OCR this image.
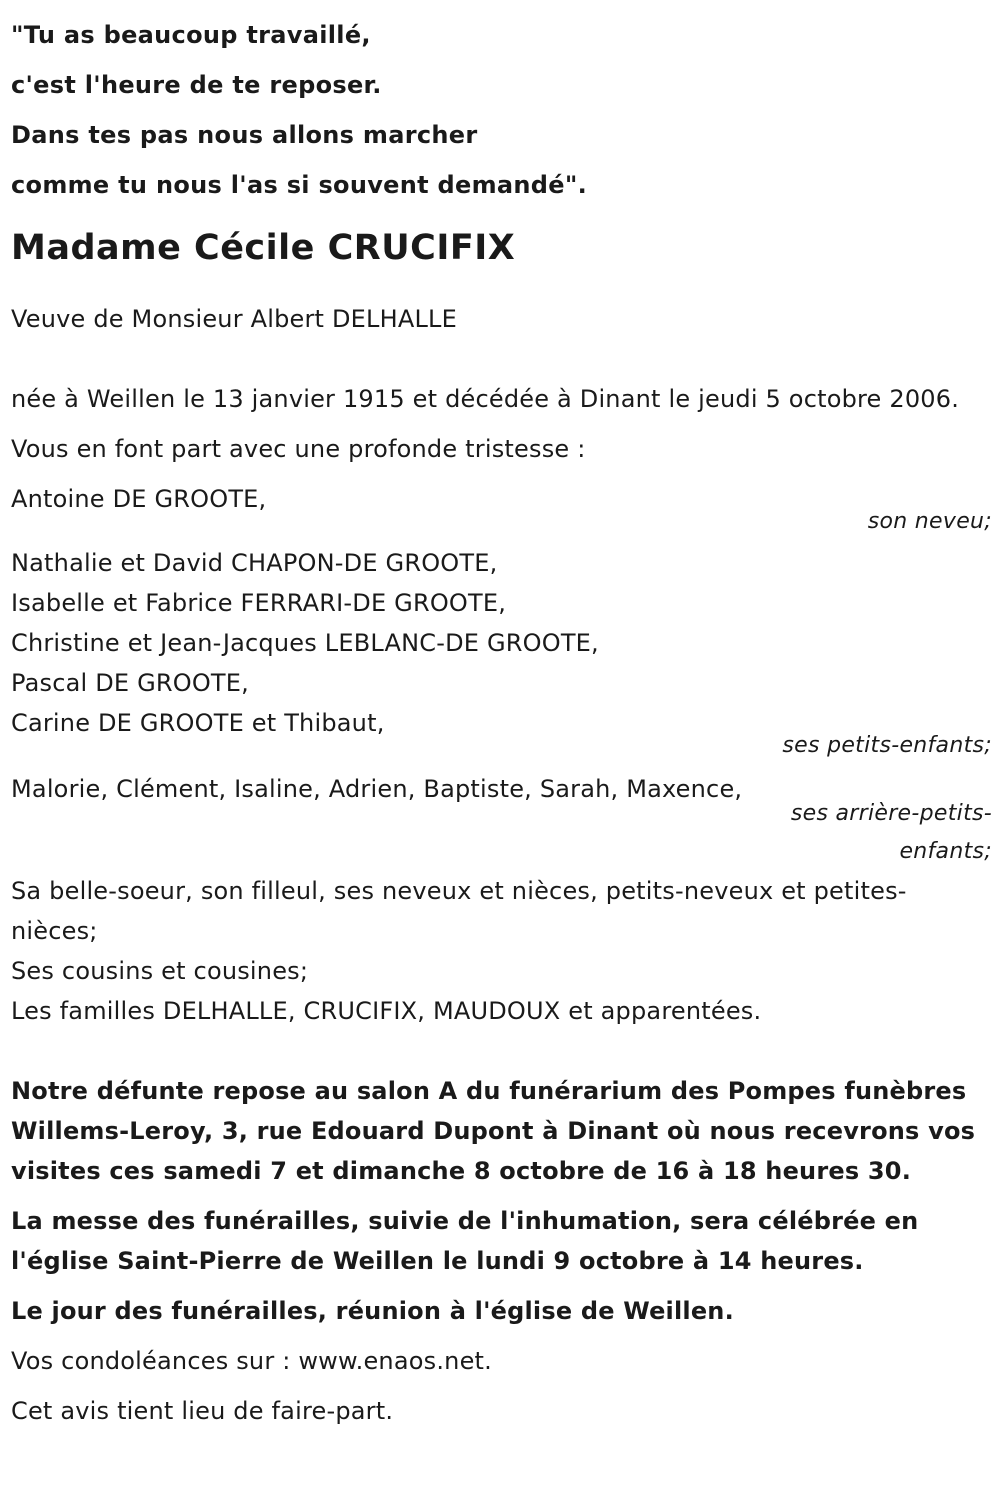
"Tu as beaucoup travaillé,
c'est l'heure de te reposer.
Dans tes pas nous allons marcher
comme tu nous l'as si souvent demandé".
Madame Cécile CRUCIFIX
Veuve de Monsieur Albert DELHALLE
née à Weillen le 13 janvier 1915 et décédée à Dinant le jeudi 5 octobre 2006.
Vous en font part avec une profonde tristesse :
Antoine DE GROOTE,
son neveu;
Nathalie et David CHAPON-DE GROOTE,
Isabelle et Fabrice FERRARI-DE GROOTE,
Christine et Jean-Jacques LEBLANC-DE GROOTE,
Pascal DE GROOTE,
Carine DE GROOTE et Thibaut,
ses petits-enfants;
Malorie, Clément, Isaline, Adrien, Baptiste, Sarah, Maxence,
ses arrière-petits-
enfants;
Sa belle-soeur, son filleul, ses neveux et nièces, petits-neveux et petites-nièces;
Ses cousins et cousines;
Les familles DELHALLE, CRUCIFIX, MAUDOUX et apparentées.
Notre défunte repose au salon A du funérarium des Pompes funèbres Willems-Leroy, 3, rue Edouard Dupont à Dinant où nous recevrons vos visites ces samedi 7 et dimanche 8 octobre de 16 à 18 heures 30.
La messe des funérailles, suivie de l'inhumation, sera célébrée en l'église Saint-Pierre de Weillen le lundi 9 octobre à 14 heures.
Le jour des funérailles, réunion à l'église de Weillen.
Vos condoléances sur : www.enaos.net.
Cet avis tient lieu de faire-part.
